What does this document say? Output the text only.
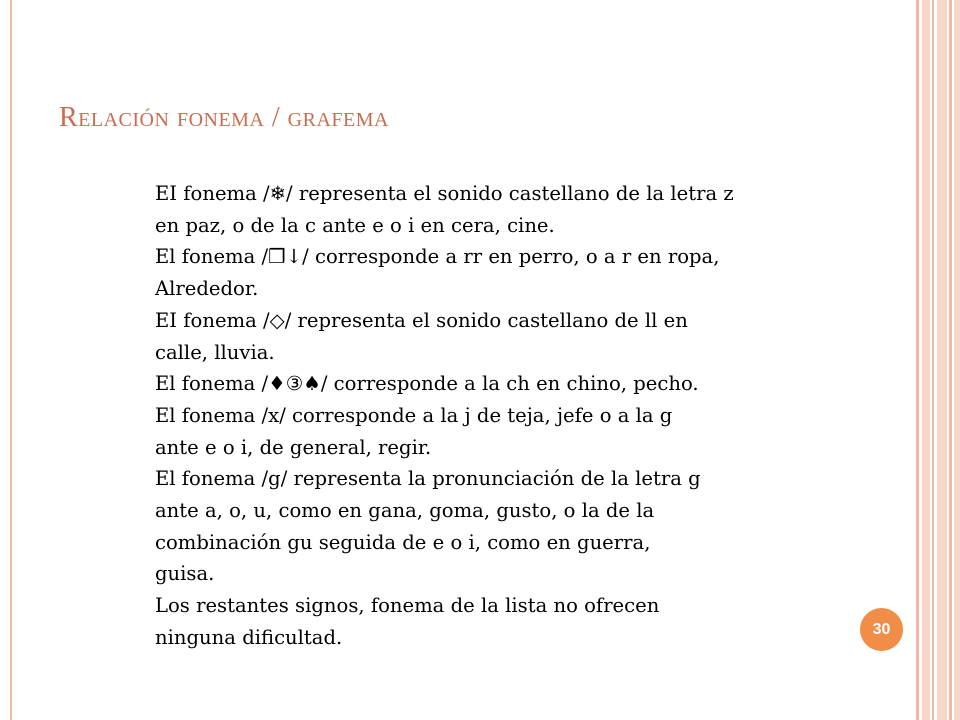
Relación fonema / grafema
EI fonema /❄/ representa el sonido castellano de la letra z
en paz, o de la c ante e o i en cera, cine.
El fonema /❒↓/ corresponde a rr en perro, o a r en ropa,
Alrededor.
EI fonema /◇/ representa el sonido castellano de ll en
calle, lluvia.
El fonema /♦③♠/ corresponde a la ch en chino, pecho.
El fonema /x/ corresponde a la j de teja, jefe o a la g
ante e o i, de general, regir.
El fonema /g/ representa la pronunciación de la letra g
ante a, o, u, como en gana, goma, gusto, o la de la
combinación gu seguida de e o i, como en guerra,
guisa.
Los restantes signos, fonema de la lista no ofrecen
ninguna dificultad.	30
